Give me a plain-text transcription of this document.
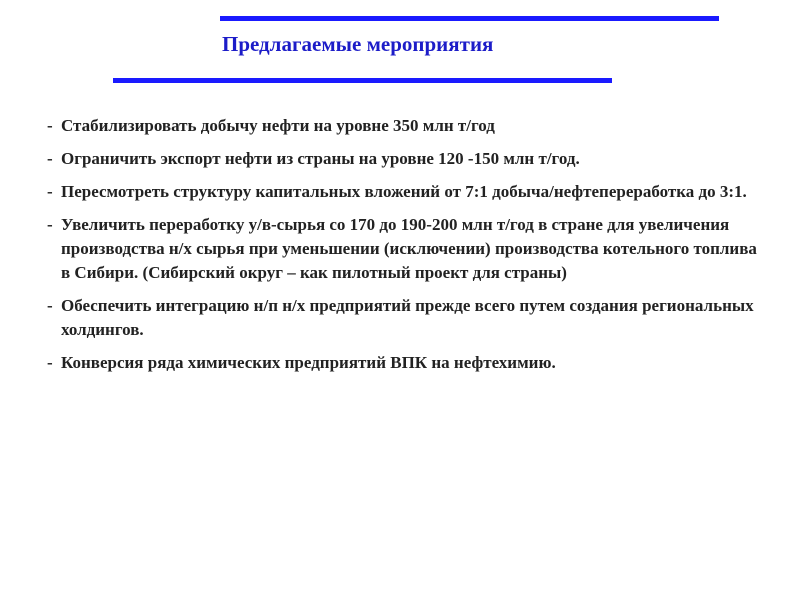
Предлагаемые мероприятия
- Стабилизировать добычу нефти на уровне 350 млн т/год
- Ограничить экспорт нефти из страны на уровне 120 -150 млн т/год.
- Пересмотреть структуру капитальных вложений от 7:1 добыча/нефтепереработка до 3:1.
- Увеличить переработку у/в-сырья со 170 до 190-200 млн т/год в стране для увеличения производства н/х сырья при уменьшении (исключении) производства котельного топлива в Сибири. (Сибирский округ – как пилотный проект для страны)
- Обеспечить интеграцию н/п н/х предприятий прежде всего путем создания региональных холдингов.
- Конверсия ряда химических предприятий ВПК на нефтехимию.
